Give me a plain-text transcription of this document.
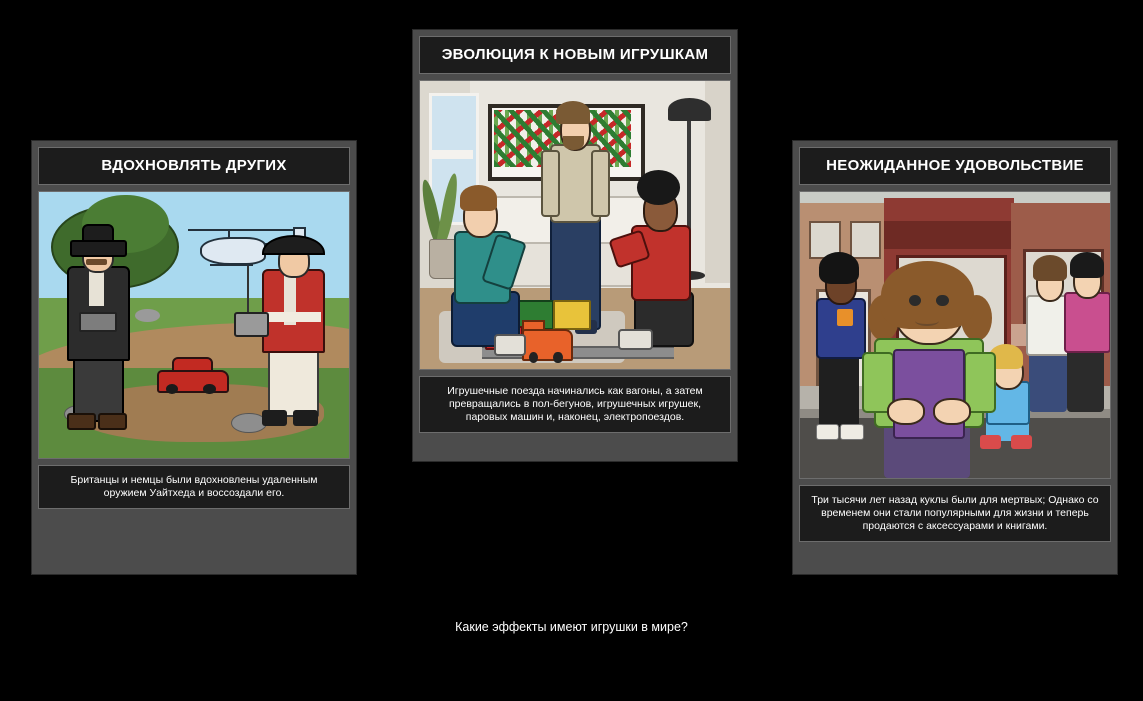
ВДОХНОВЛЯТЬ ДРУГИХ
Британцы и немцы были вдохновлены удаленным оружием Уайтхеда и воссоздали его.
ЭВОЛЮЦИЯ К НОВЫМ ИГРУШКАМ
Игрушечные поезда начинались как вагоны, а затем превращались в пол-бегунов, игрушечных игрушек, паровых машин и, наконец, электропоездов.
НЕОЖИДАННОЕ УДОВОЛЬСТВИЕ
Три тысячи лет назад куклы были для мертвых; Однако со временем они стали популярными для жизни и теперь продаются с аксессуарами и книгами.
Какие эффекты имеют игрушки в мире?
